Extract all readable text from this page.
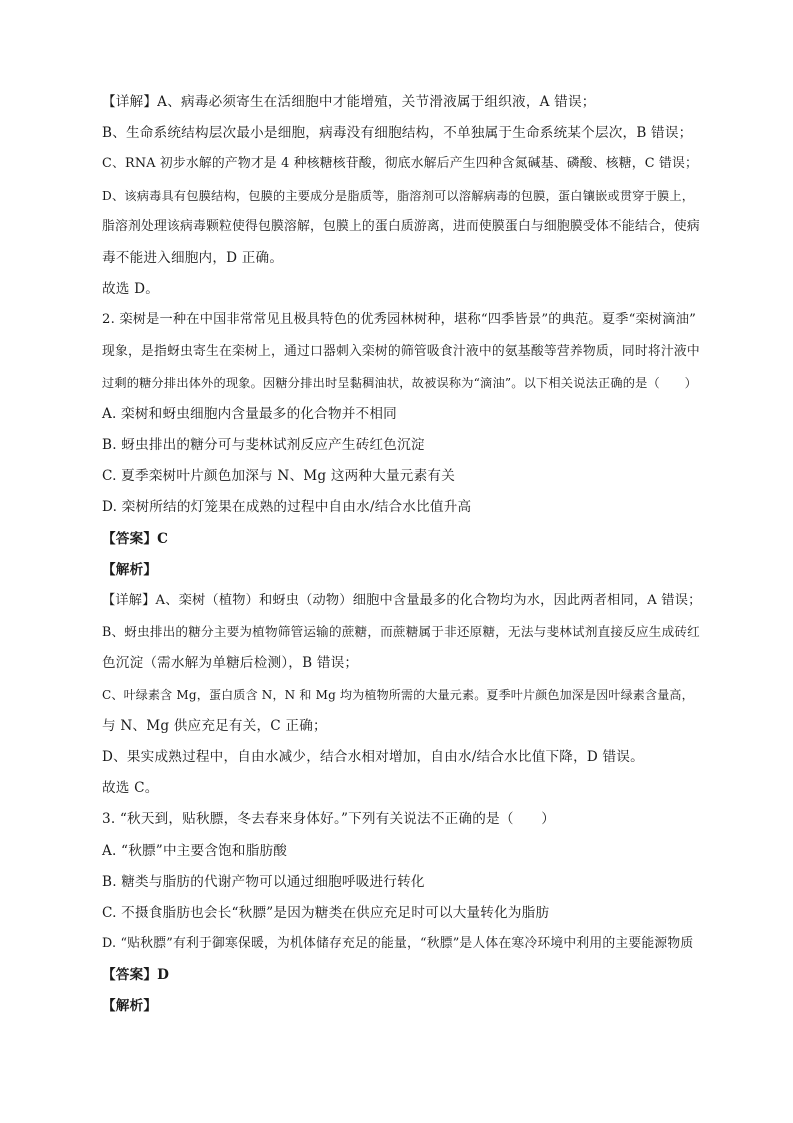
【详解】A、病毒必须寄生在活细胞中才能增殖，关节滑液属于组织液，A 错误；

B、生命系统结构层次最小是细胞，病毒没有细胞结构，不单独属于生命系统某个层次，B 错误；

C、RNA 初步水解的产物才是 4 种核糖核苷酸，彻底水解后产生四种含氮碱基、磷酸、核糖，C 错误；

D、该病毒具有包膜结构，包膜的主要成分是脂质等，脂溶剂可以溶解病毒的包膜，蛋白镶嵌或贯穿于膜上，

脂溶剂处理该病毒颗粒使得包膜溶解，包膜上的蛋白质游离，进而使膜蛋白与细胞膜受体不能结合，使病

毒不能进入细胞内，D 正确。

故选 D。

2. 栾树是一种在中国非常常见且极具特色的优秀园林树种，堪称“四季皆景”的典范。夏季“栾树滴油”

现象，是指蚜虫寄生在栾树上，通过口器刺入栾树的筛管吸食汁液中的氨基酸等营养物质，同时将汁液中

过剩的糖分排出体外的现象。因糖分排出时呈黏稠油状，故被误称为“滴油”。以下相关说法正确的是（　　）

A. 栾树和蚜虫细胞内含量最多的化合物并不相同

B. 蚜虫排出的糖分可与斐林试剂反应产生砖红色沉淀

C. 夏季栾树叶片颜色加深与 N、Mg 这两种大量元素有关

D. 栾树所结的灯笼果在成熟的过程中自由水/结合水比值升高

【答案】C

【解析】

【详解】A、栾树（植物）和蚜虫（动物）细胞中含量最多的化合物均为水，因此两者相同，A 错误；

B、蚜虫排出的糖分主要为植物筛管运输的蔗糖，而蔗糖属于非还原糖，无法与斐林试剂直接反应生成砖红

色沉淀（需水解为单糖后检测），B 错误；

C、叶绿素含 Mg，蛋白质含 N，N 和 Mg 均为植物所需的大量元素。夏季叶片颜色加深是因叶绿素含量高，

与 N、Mg 供应充足有关，C 正确；

D、果实成熟过程中，自由水减少，结合水相对增加，自由水/结合水比值下降，D 错误。

故选 C。

3. “秋天到，贴秋膘，冬去春来身体好。”下列有关说法不正确的是（　　）

A. “秋膘”中主要含饱和脂肪酸

B. 糖类与脂肪的代谢产物可以通过细胞呼吸进行转化

C. 不摄食脂肪也会长“秋膘”是因为糖类在供应充足时可以大量转化为脂肪

D. “贴秋膘”有利于御寒保暖，为机体储存充足的能量，“秋膘”是人体在寒冷环境中利用的主要能源物质

【答案】D

【解析】
